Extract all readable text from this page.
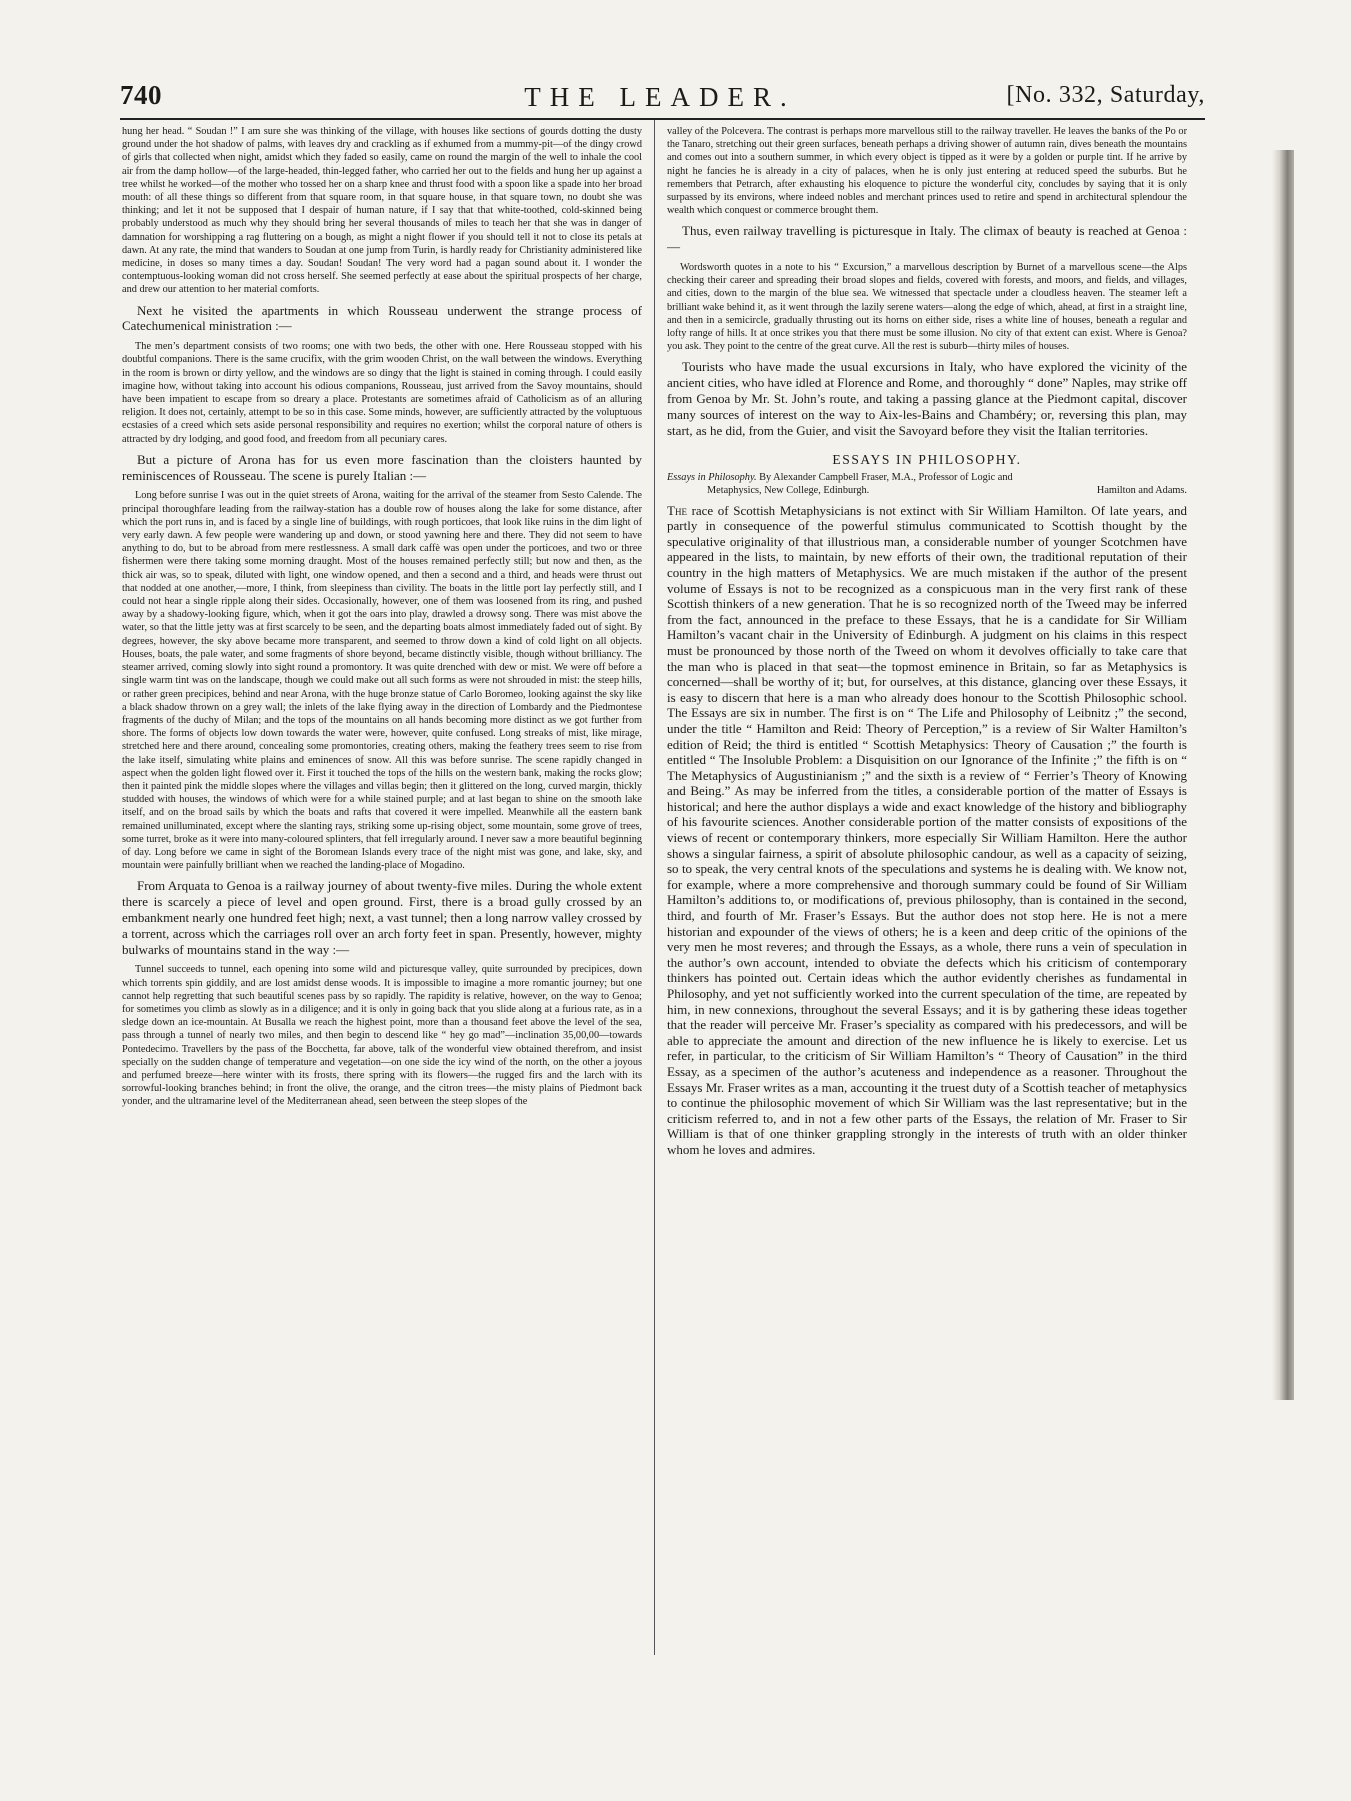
740	THE LEADER.	[No. 332, Saturday,

hung her head. “ Soudan !” I am sure she was thinking of the village, with houses like sections of gourds dotting the dusty ground under the hot shadow of palms, with leaves dry and crackling as if exhumed from a mummy-pit—of the dingy crowd of girls that collected when night, amidst which they faded so easily, came on round the margin of the well to inhale the cool air from the damp hollow—of the large-headed, thin-legged father, who carried her out to the fields and hung her up against a tree whilst he worked—of the mother who tossed her on a sharp knee and thrust food with a spoon like a spade into her broad mouth: of all these things so different from that square room, in that square house, in that square town, no doubt she was thinking; and let it not be supposed that I despair of human nature, if I say that that white-toothed, cold-skinned being probably understood as much why they should bring her several thousands of miles to teach her that she was in danger of damnation for worshipping a rag fluttering on a bough, as might a night flower if you should tell it not to close its petals at dawn. At any rate, the mind that wanders to Soudan at one jump from Turin, is hardly ready for Christianity administered like medicine, in doses so many times a day. Soudan! Soudan! The very word had a pagan sound about it. I wonder the contemptuous-looking woman did not cross herself. She seemed perfectly at ease about the spiritual prospects of her charge, and drew our attention to her material comforts.

Next he visited the apartments in which Rousseau underwent the strange process of Catechumenical ministration :—

The men’s department consists of two rooms; one with two beds, the other with one. Here Rousseau stopped with his doubtful companions. There is the same crucifix, with the grim wooden Christ, on the wall between the windows. Everything in the room is brown or dirty yellow, and the windows are so dingy that the light is stained in coming through. I could easily imagine how, without taking into account his odious companions, Rousseau, just arrived from the Savoy mountains, should have been impatient to escape from so dreary a place. Protestants are sometimes afraid of Catholicism as of an alluring religion. It does not, certainly, attempt to be so in this case. Some minds, however, are sufficiently attracted by the voluptuous ecstasies of a creed which sets aside personal responsibility and requires no exertion; whilst the corporal nature of others is attracted by dry lodging, and good food, and freedom from all pecuniary cares.

But a picture of Arona has for us even more fascination than the cloisters haunted by reminiscences of Rousseau. The scene is purely Italian :—

Long before sunrise I was out in the quiet streets of Arona, waiting for the arrival of the steamer from Sesto Calende. The principal thoroughfare leading from the railway-station has a double row of houses along the lake for some distance, after which the port runs in, and is faced by a single line of buildings, with rough porticoes, that look like ruins in the dim light of very early dawn. A few people were wandering up and down, or stood yawning here and there. They did not seem to have anything to do, but to be abroad from mere restlessness. A small dark caffè was open under the porticoes, and two or three fishermen were there taking some morning draught. Most of the houses remained perfectly still; but now and then, as the thick air was, so to speak, diluted with light, one window opened, and then a second and a third, and heads were thrust out that nodded at one another,—more, I think, from sleepiness than civility. The boats in the little port lay perfectly still, and I could not hear a single ripple along their sides. Occasionally, however, one of them was loosened from its ring, and pushed away by a shadowy-looking figure, which, when it got the oars into play, drawled a drowsy song. There was mist above the water, so that the little jetty was at first scarcely to be seen, and the departing boats almost immediately faded out of sight. By degrees, however, the sky above became more transparent, and seemed to throw down a kind of cold light on all objects. Houses, boats, the pale water, and some fragments of shore beyond, became distinctly visible, though without brilliancy. The steamer arrived, coming slowly into sight round a promontory. It was quite drenched with dew or mist. We were off before a single warm tint was on the landscape, though we could make out all such forms as were not shrouded in mist: the steep hills, or rather green precipices, behind and near Arona, with the huge bronze statue of Carlo Boromeo, looking against the sky like a black shadow thrown on a grey wall; the inlets of the lake flying away in the direction of Lombardy and the Piedmontese fragments of the duchy of Milan; and the tops of the mountains on all hands becoming more distinct as we got further from shore. The forms of objects low down towards the water were, however, quite confused. Long streaks of mist, like mirage, stretched here and there around, concealing some promontories, creating others, making the feathery trees seem to rise from the lake itself, simulating white plains and eminences of snow. All this was before sunrise. The scene rapidly changed in aspect when the golden light flowed over it. First it touched the tops of the hills on the western bank, making the rocks glow; then it painted pink the middle slopes where the villages and villas begin; then it glittered on the long, curved margin, thickly studded with houses, the windows of which were for a while stained purple; and at last began to shine on the smooth lake itself, and on the broad sails by which the boats and rafts that covered it were impelled. Meanwhile all the eastern bank remained unilluminated, except where the slanting rays, striking some up-rising object, some mountain, some grove of trees, some turret, broke as it were into many-coloured splinters, that fell irregularly around. I never saw a more beautiful beginning of day. Long before we came in sight of the Boromean Islands every trace of the night mist was gone, and lake, sky, and mountain were painfully brilliant when we reached the landing-place of Mogadino.

From Arquata to Genoa is a railway journey of about twenty-five miles. During the whole extent there is scarcely a piece of level and open ground. First, there is a broad gully crossed by an embankment nearly one hundred feet high; next, a vast tunnel; then a long narrow valley crossed by a torrent, across which the carriages roll over an arch forty feet in span. Presently, however, mighty bulwarks of mountains stand in the way :—

Tunnel succeeds to tunnel, each opening into some wild and picturesque valley, quite surrounded by precipices, down which torrents spin giddily, and are lost amidst dense woods. It is impossible to imagine a more romantic journey; but one cannot help regretting that such beautiful scenes pass by so rapidly. The rapidity is relative, however, on the way to Genoa; for sometimes you climb as slowly as in a diligence; and it is only in going back that you slide along at a furious rate, as in a sledge down an ice-mountain. At Busalla we reach the highest point, more than a thousand feet above the level of the sea, pass through a tunnel of nearly two miles, and then begin to descend like “ hey go mad”—inclination 35,00,00—towards Pontedecimo. Travellers by the pass of the Bocchetta, far above, talk of the wonderful view obtained therefrom, and insist specially on the sudden change of temperature and vegetation—on one side the icy wind of the north, on the other a joyous and perfumed breeze—here winter with its frosts, there spring with its flowers—the rugged firs and the larch with its sorrowful-looking branches behind; in front the olive, the orange, and the citron trees—the misty plains of Piedmont back yonder, and the ultramarine level of the Mediterranean ahead, seen between the steep slopes of the

valley of the Polcevera. The contrast is perhaps more marvellous still to the railway traveller. He leaves the banks of the Po or the Tanaro, stretching out their green surfaces, beneath perhaps a driving shower of autumn rain, dives beneath the mountains and comes out into a southern summer, in which every object is tipped as it were by a golden or purple tint. If he arrive by night he fancies he is already in a city of palaces, when he is only just entering at reduced speed the suburbs. But he remembers that Petrarch, after exhausting his eloquence to picture the wonderful city, concludes by saying that it is only surpassed by its environs, where indeed nobles and merchant princes used to retire and spend in architectural splendour the wealth which conquest or commerce brought them.

Thus, even railway travelling is picturesque in Italy. The climax of beauty is reached at Genoa :—

Wordsworth quotes in a note to his “ Excursion,” a marvellous description by Burnet of a marvellous scene—the Alps checking their career and spreading their broad slopes and fields, covered with forests, and moors, and fields, and villages, and cities, down to the margin of the blue sea. We witnessed that spectacle under a cloudless heaven. The steamer left a brilliant wake behind it, as it went through the lazily serene waters—along the edge of which, ahead, at first in a straight line, and then in a semicircle, gradually thrusting out its horns on either side, rises a white line of houses, beneath a regular and lofty range of hills. It at once strikes you that there must be some illusion. No city of that extent can exist. Where is Genoa? you ask. They point to the centre of the great curve. All the rest is suburb—thirty miles of houses.

Tourists who have made the usual excursions in Italy, who have explored the vicinity of the ancient cities, who have idled at Florence and Rome, and thoroughly “ done” Naples, may strike off from Genoa by Mr. St. John’s route, and taking a passing glance at the Piedmont capital, discover many sources of interest on the way to Aix-les-Bains and Chambéry; or, reversing this plan, may start, as he did, from the Guier, and visit the Savoyard before they visit the Italian territories.

ESSAYS IN PHILOSOPHY.
Essays in Philosophy. By Alexander Campbell Fraser, M.A., Professor of Logic and
Metaphysics, New College, Edinburgh.	Hamilton and Adams.

The race of Scottish Metaphysicians is not extinct with Sir William Hamilton. Of late years, and partly in consequence of the powerful stimulus communicated to Scottish thought by the speculative originality of that illustrious man, a considerable number of younger Scotchmen have appeared in the lists, to maintain, by new efforts of their own, the traditional reputation of their country in the high matters of Metaphysics. We are much mistaken if the author of the present volume of Essays is not to be recognized as a conspicuous man in the very first rank of these Scottish thinkers of a new generation. That he is so recognized north of the Tweed may be inferred from the fact, announced in the preface to these Essays, that he is a candidate for Sir William Hamilton’s vacant chair in the University of Edinburgh. A judgment on his claims in this respect must be pronounced by those north of the Tweed on whom it devolves officially to take care that the man who is placed in that seat—the topmost eminence in Britain, so far as Metaphysics is concerned—shall be worthy of it; but, for ourselves, at this distance, glancing over these Essays, it is easy to discern that here is a man who already does honour to the Scottish Philosophic school. The Essays are six in number. The first is on “ The Life and Philosophy of Leibnitz ;” the second, under the title “ Hamilton and Reid: Theory of Perception,” is a review of Sir Walter Hamilton’s edition of Reid; the third is entitled “ Scottish Metaphysics: Theory of Causation ;” the fourth is entitled “ The Insoluble Problem: a Disquisition on our Ignorance of the Infinite ;” the fifth is on “ The Metaphysics of Augustinianism ;” and the sixth is a review of “ Ferrier’s Theory of Knowing and Being.” As may be inferred from the titles, a considerable portion of the matter of Essays is historical; and here the author displays a wide and exact knowledge of the history and bibliography of his favourite sciences. Another considerable portion of the matter consists of expositions of the views of recent or contemporary thinkers, more especially Sir William Hamilton. Here the author shows a singular fairness, a spirit of absolute philosophic candour, as well as a capacity of seizing, so to speak, the very central knots of the speculations and systems he is dealing with. We know not, for example, where a more comprehensive and thorough summary could be found of Sir William Hamilton’s additions to, or modifications of, previous philosophy, than is contained in the second, third, and fourth of Mr. Fraser’s Essays. But the author does not stop here. He is not a mere historian and expounder of the views of others; he is a keen and deep critic of the opinions of the very men he most reveres; and through the Essays, as a whole, there runs a vein of speculation in the author’s own account, intended to obviate the defects which his criticism of contemporary thinkers has pointed out. Certain ideas which the author evidently cherishes as fundamental in Philosophy, and yet not sufficiently worked into the current speculation of the time, are repeated by him, in new connexions, throughout the several Essays; and it is by gathering these ideas together that the reader will perceive Mr. Fraser’s speciality as compared with his predecessors, and will be able to appreciate the amount and direction of the new influence he is likely to exercise. Let us refer, in particular, to the criticism of Sir William Hamilton’s “ Theory of Causation” in the third Essay, as a specimen of the author’s acuteness and independence as a reasoner. Throughout the Essays Mr. Fraser writes as a man, accounting it the truest duty of a Scottish teacher of metaphysics to continue the philosophic movement of which Sir William was the last representative; but in the criticism referred to, and in not a few other parts of the Essays, the relation of Mr. Fraser to Sir William is that of one thinker grappling strongly in the interests of truth with an older thinker whom he loves and admires.
